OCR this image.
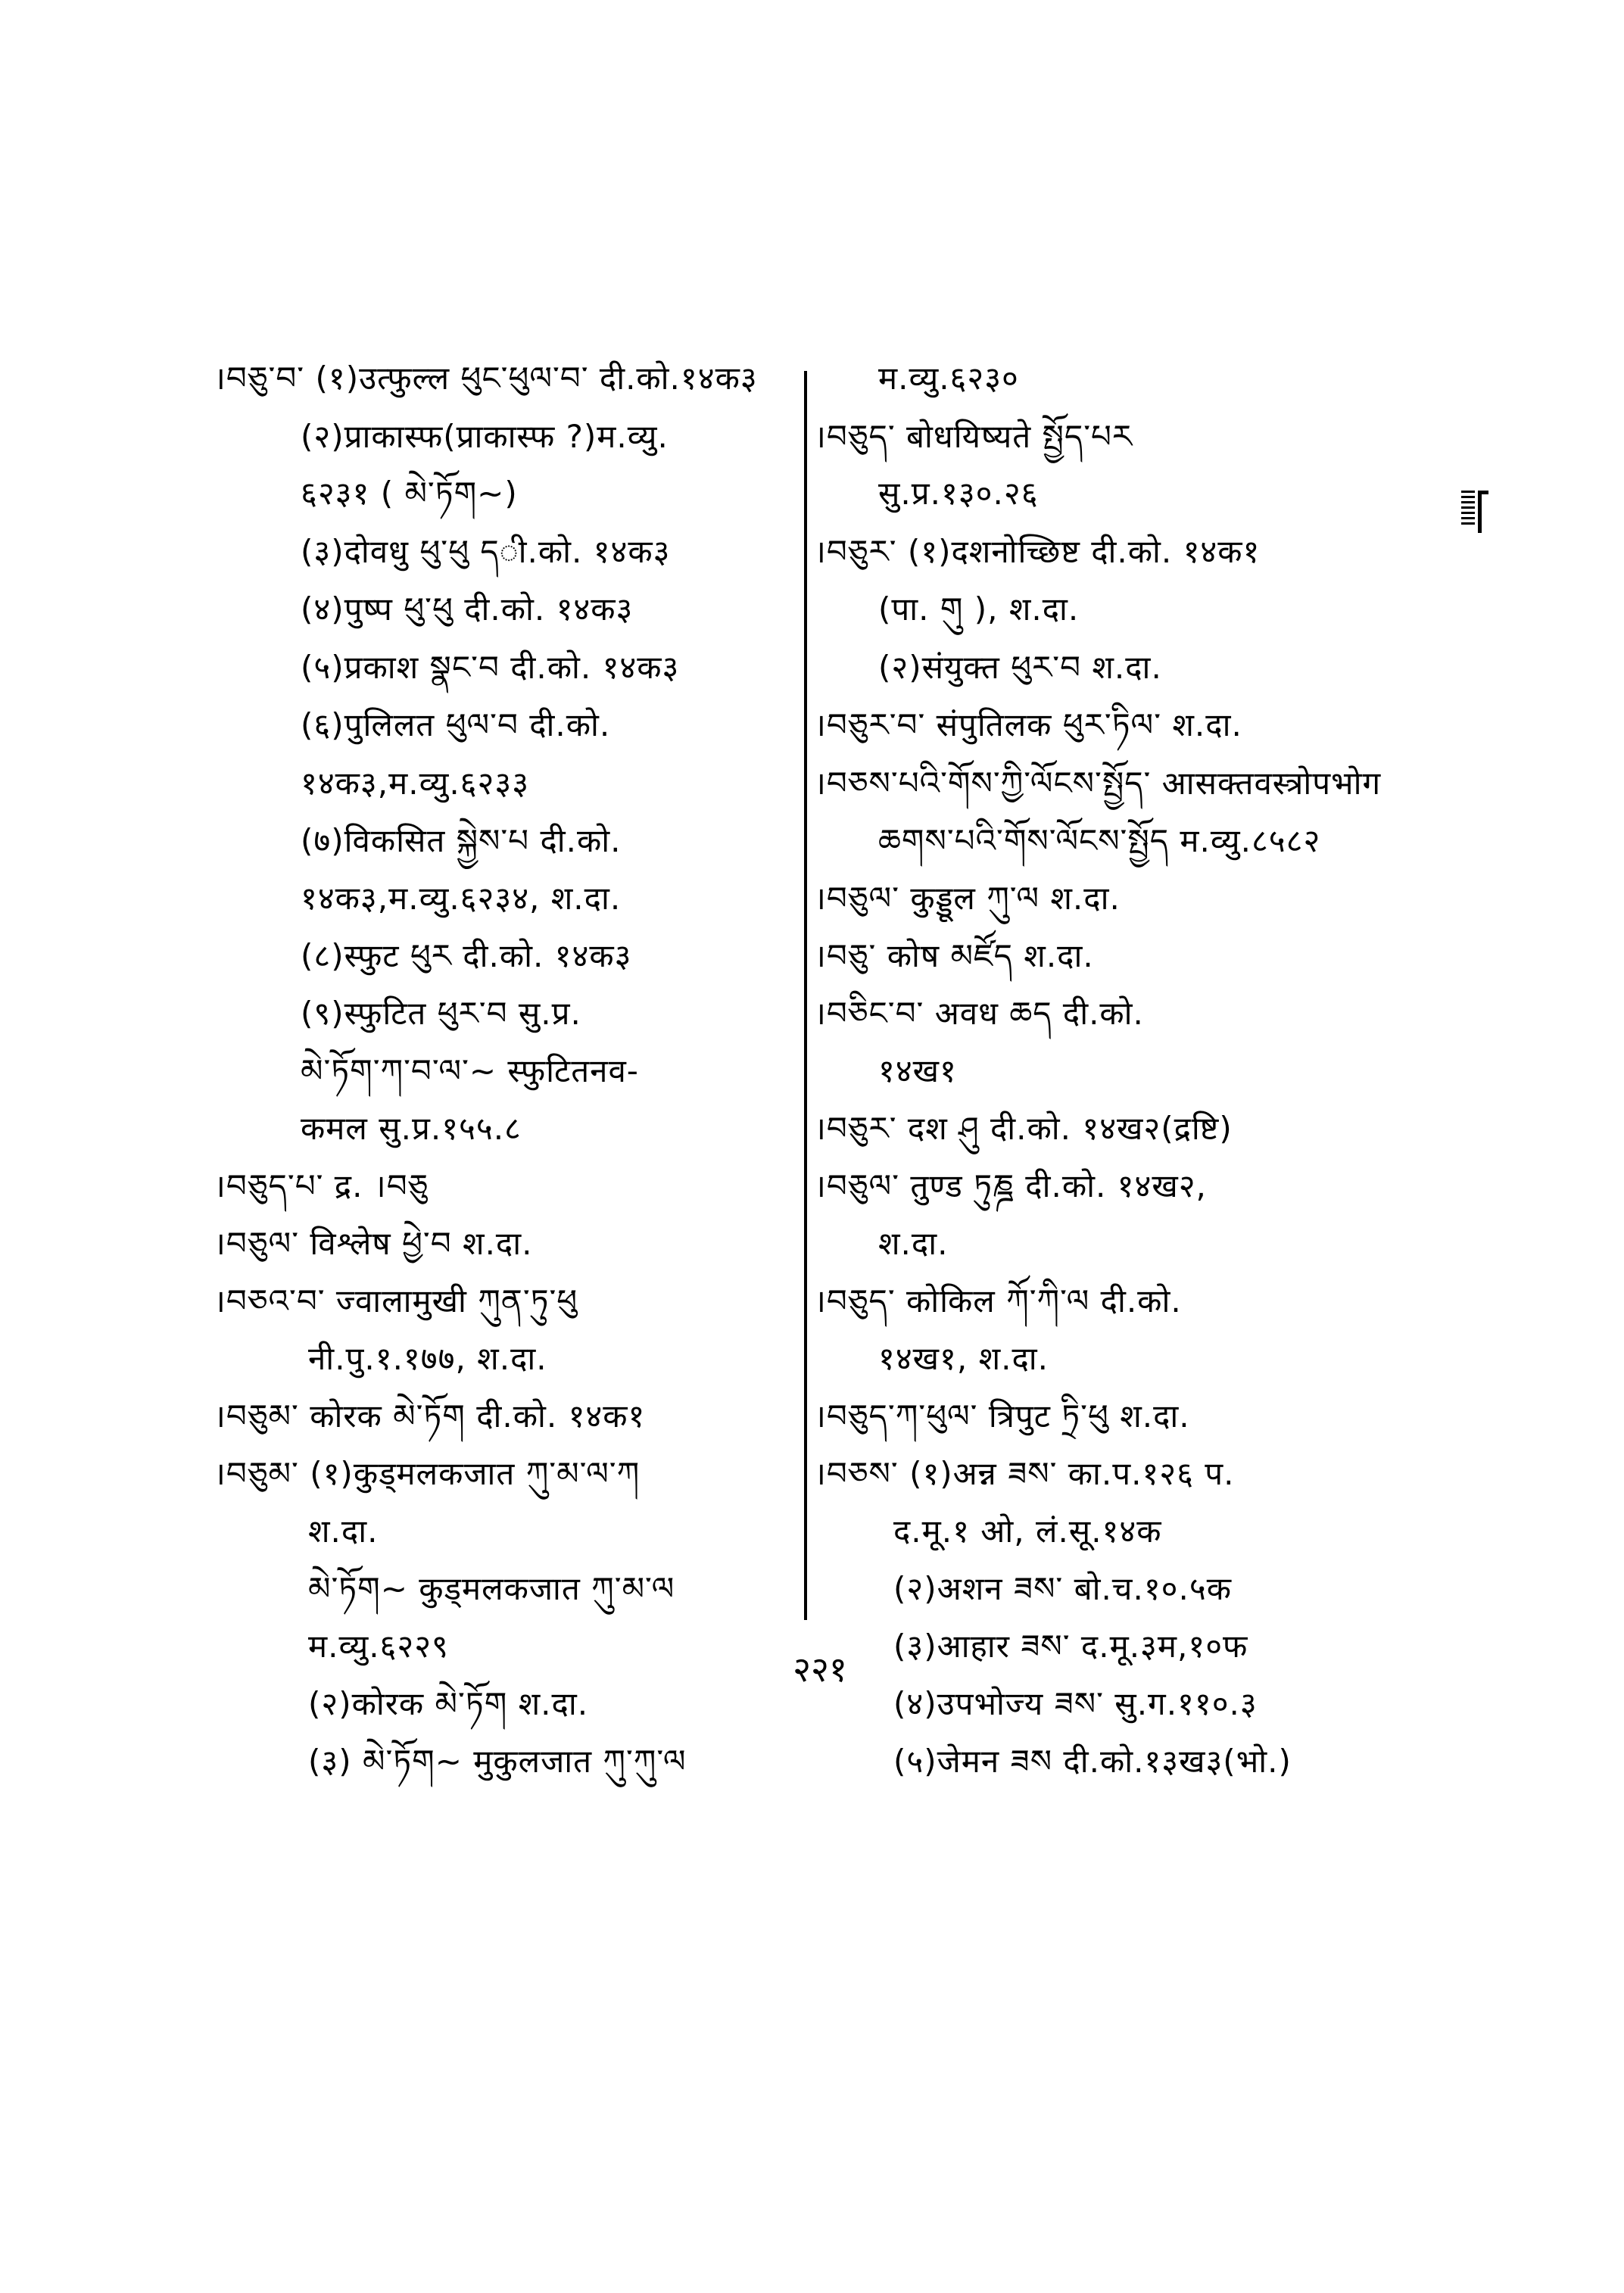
।བཅུ་བ་ (१)उत्फुल्ल ཕུང་ཕུལ་བ་ दी.को.१४क३
(२)प्राकास्फ(प्राकास्फ ?)म.व्यु.
६२३१ ( མེ་ཏོག~)
(३)दोवधु ཕུ་ཕུ དी.को. १४क३
(४)पुष्प ཕུ་ཕུ दी.को. १४क३
(५)प्रकाश སྣང་བ दी.को. १४क३
(६)पुलिलत ཕུལ་བ दी.को.
१४क३,म.व्यु.६२३३
(७)विकसित སྐྱེས་པ दी.को.
१४क३,म.व्यु.६२३४, श.दा.
(८)स्फुट ཕུར दी.को. १४क३
(९)स्फुटित ཕུར་བ सु.प्र.
མེ་ཏོག་ཀ་བ་ལ་~ स्फुटितनव-
कमल सु.प्र.१५५.८
।བཅུད་པ་ द्र. ।བཅུ
।བཅུལ་ विश्लेष ཕྱེ་བ श.दा.
।བཅའ་བ་ ज्वालामुखी ཀུན་ཏུ་ཕུ
नी.पु.१.१७७, श.दा.
।བཅུམ་ कोरक མེ་ཏོག दी.को. १४क१
।བཅུམ་ (१)कुड्मलकजात ཀུ་མ་ལ་ཀ
श.दा.
མེ་ཏོག~ कुड्मलकजात ཀུ་མ་ལ
म.व्यु.६२२९
(२)कोरक མེ་ཏོག श.दा.
(३) མེ་ཏོག~ मुकुलजात ཀུ་ཀུ་ལ
म.व्यु.६२३०
।བཅུད་ बोधयिष्यते སྤྱོད་པར
सु.प्र.१३०.२६
।བཅུར་ (१)दशनोच्छिष्ट दी.को. १४क१
(पा. གུ ), श.दा.
(२)संयुक्त ཕུར་བ श.दा.
।བཅུར་བ་ संपुतिलक ཕུར་ཏིལ་ श.दा.
।བཅས་པའི་གོས་ཀྱི་ལོངས་སྤྱོད་ आसक्तवस्त्रोपभोग
ཆགས་པའི་གོས་ལོངས་སྤྱོད म.व्यु.८५८२
।བཅུལ་ कुड्डूल ཀུ་ལ श.दा.
।བཅུ་ कोष མཛོད श.दा.
।བཅིང་བ་ अवध ཆད दी.को.
१४ख१
।བཅུར་ दश ཤུ दी.को. १४ख२(द्रष्टि)
।བཅུལ་ तुण्ड ཏུཎྜ दी.को. १४ख२,
श.दा.
।བཅུད་ कोकिल ཀོ་ཀི་ལ दी.को.
१४ख१, श.दा.
।བཅུད་ཀ་ཕུལ་ त्रिपुट ཏྲི་ཕུ श.दा.
।བཅས་ (१)अन्न ཟས་ का.प.१२६ प.
द.मू.१ ओ, लं.सू.१४क
(२)अशन ཟས་ बो.च.१०.५क
(३)आहार ཟས་ द.मू.३म,१०फ
(४)उपभोज्य ཟས་ सु.ग.११०.३
(५)जेमन ཟས दी.को.१३ख३(भो.)
२२१
